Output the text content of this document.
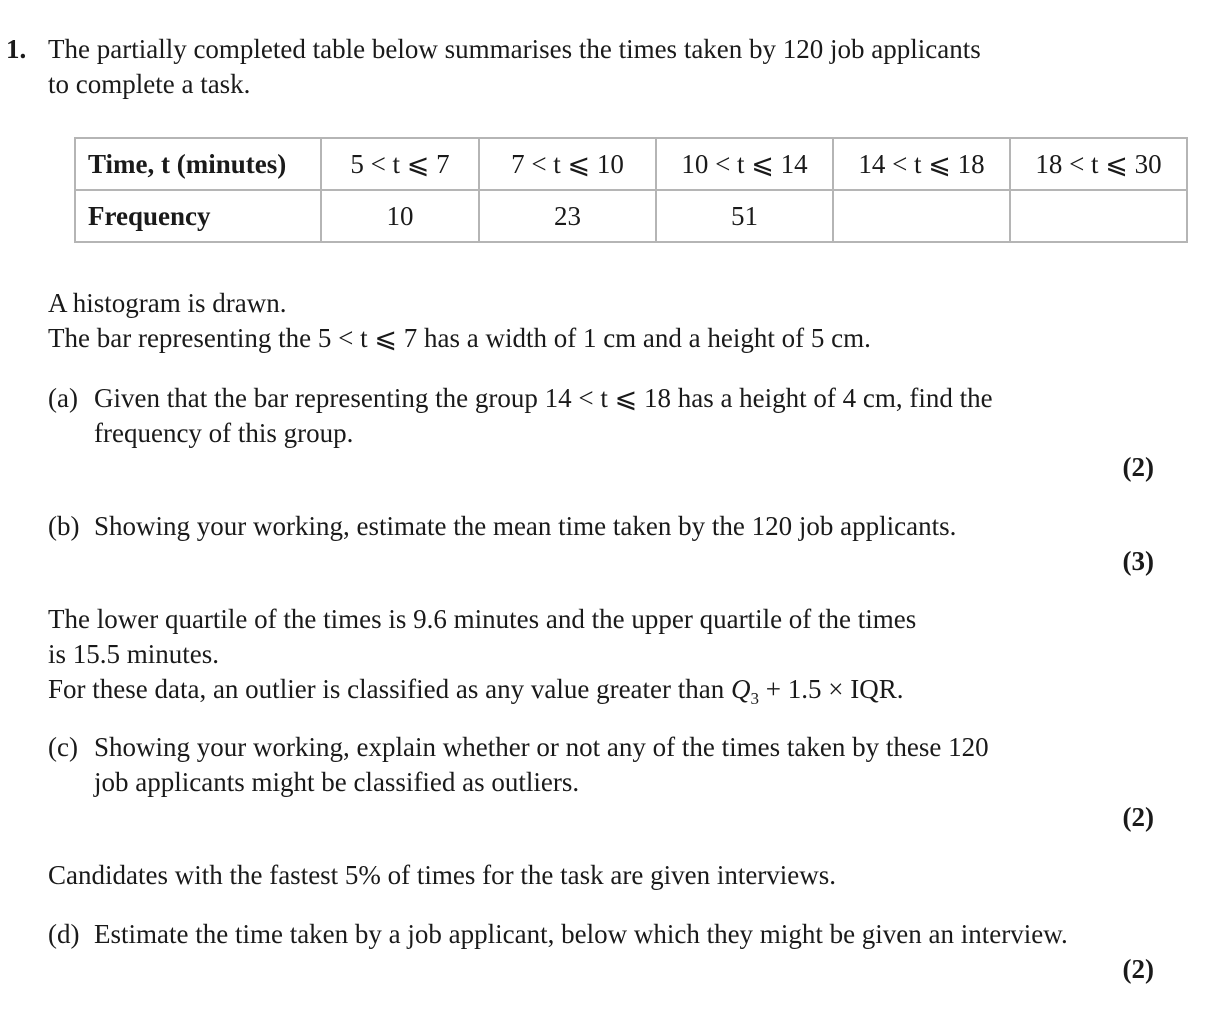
1. The partially completed table below summarises the times taken by 120 job applicants
to complete a task.
Time, t (minutes)	5 < t ⩽ 7	7 < t ⩽ 10	10 < t ⩽ 14	14 < t ⩽ 18	18 < t ⩽ 30
Frequency	10	23	51		
A histogram is drawn.
The bar representing the 5 < t ⩽ 7 has a width of 1 cm and a height of 5 cm.
(a) Given that the bar representing the group 14 < t ⩽ 18 has a height of 4 cm, find the
frequency of this group.
(2)
(b) Showing your working, estimate the mean time taken by the 120 job applicants.
(3)
The lower quartile of the times is 9.6 minutes and the upper quartile of the times
is 15.5 minutes.
For these data, an outlier is classified as any value greater than $Q_3 + 1.5$ × IQR.
(c) Showing your working, explain whether or not any of the times taken by these 120
job applicants might be classified as outliers.
(2)
Candidates with the fastest 5% of times for the task are given interviews.
(d) Estimate the time taken by a job applicant, below which they might be given an interview.
(2)
